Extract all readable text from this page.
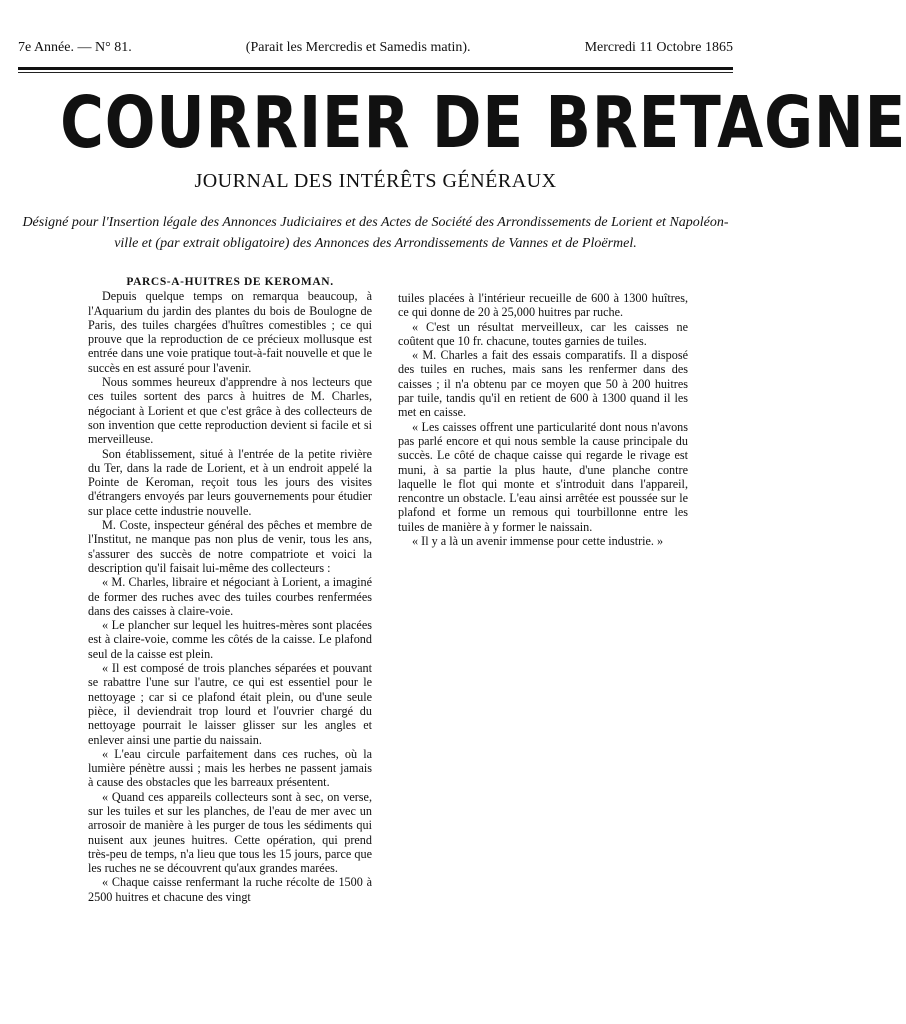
7e Année. — N° 81.	(Parait les Mercredis et Samedis matin).	Mercredi 11 Octobre 1865
COURRIER DE BRETAGNE
JOURNAL DES INTÉRÊTS GÉNÉRAUX
Désigné pour l'Insertion légale des Annonces Judiciaires et des Actes de Société des Arrondissements de Lorient et Napoléon-ville et (par extrait obligatoire) des Annonces des Arrondissements de Vannes et de Ploërmel.

PARCS-A-HUITRES DE KEROMAN.

Depuis quelque temps on remarqua beaucoup, à l'Aquarium du jardin des plantes du bois de Boulogne de Paris, des tuiles chargées d'huîtres comestibles ; ce qui prouve que la reproduction de ce précieux mollusque est entrée dans une voie pratique tout-à-fait nouvelle et que le succès en est assuré pour l'avenir.

Nous sommes heureux d'apprendre à nos lecteurs que ces tuiles sortent des parcs à huitres de M. Charles, négociant à Lorient et que c'est grâce à des collecteurs de son invention que cette reproduction devient si facile et si merveilleuse.

Son établissement, situé à l'entrée de la petite rivière du Ter, dans la rade de Lorient, et à un endroit appelé la Pointe de Keroman, reçoit tous les jours des visites d'étrangers envoyés par leurs gouvernements pour étudier sur place cette industrie nouvelle.

M. Coste, inspecteur général des pêches et membre de l'Institut, ne manque pas non plus de venir, tous les ans, s'assurer des succès de notre compatriote et voici la description qu'il faisait lui-même des collecteurs :

« M. Charles, libraire et négociant à Lorient, a imaginé de former des ruches avec des tuiles courbes renfermées dans des caisses à claire-voie.

« Le plancher sur lequel les huitres-mères sont placées est à claire-voie, comme les côtés de la caisse. Le plafond seul de la caisse est plein.

« Il est composé de trois planches séparées et pouvant se rabattre l'une sur l'autre, ce qui est essentiel pour le nettoyage ; car si ce plafond était plein, ou d'une seule pièce, il deviendrait trop lourd et l'ouvrier chargé du nettoyage pourrait le laisser glisser sur les angles et enlever ainsi une partie du naissain.

« L'eau circule parfaitement dans ces ruches, où la lumière pénètre aussi ; mais les herbes ne passent jamais à cause des obstacles que les barreaux présentent.

« Quand ces appareils collecteurs sont à sec, on verse, sur les tuiles et sur les planches, de l'eau de mer avec un arrosoir de manière à les purger de tous les sédiments qui nuisent aux jeunes huitres. Cette opération, qui prend très-peu de temps, n'a lieu que tous les 15 jours, parce que les ruches ne se découvrent qu'aux grandes marées.

« Chaque caisse renfermant la ruche récolte de 1500 à 2500 huitres et chacune des vingt

tuiles placées à l'intérieur recueille de 600 à 1300 huîtres, ce qui donne de 20 à 25,000 huitres par ruche.

« C'est un résultat merveilleux, car les caisses ne coûtent que 10 fr. chacune, toutes garnies de tuiles.

« M. Charles a fait des essais comparatifs. Il a disposé des tuiles en ruches, mais sans les renfermer dans des caisses ; il n'a obtenu par ce moyen que 50 à 200 huitres par tuile, tandis qu'il en retient de 600 à 1300 quand il les met en caisse.

« Les caisses offrent une particularité dont nous n'avons pas parlé encore et qui nous semble la cause principale du succès. Le côté de chaque caisse qui regarde le rivage est muni, à sa partie la plus haute, d'une planche contre laquelle le flot qui monte et s'introduit dans l'appareil, rencontre un obstacle. L'eau ainsi arrêtée est poussée sur le plafond et forme un remous qui tourbillonne entre les tuiles de manière à y former le naissain.

« Il y a là un avenir immense pour cette industrie. »
